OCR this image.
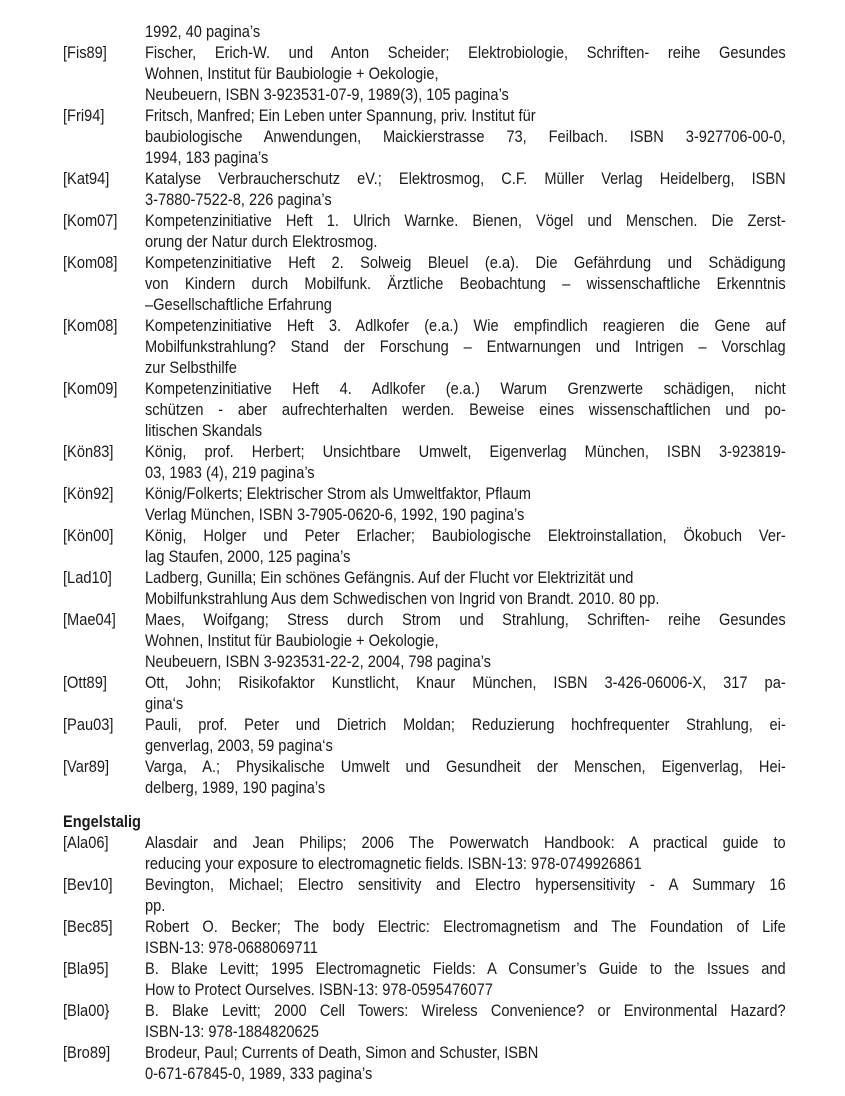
1992, 40 pagina’s
[Fis89] Fischer, Erich-W. und Anton Scheider; Elektrobiologie, Schriften- reihe Gesundes
Wohnen, Institut für Baubiologie + Oekologie,
Neubeuern, ISBN 3-923531-07-9, 1989(3), 105 pagina’s
[Fri94] Fritsch, Manfred; Ein Leben unter Spannung, priv. Institut für
baubiologische Anwendungen, Maickierstrasse 73, Feilbach. ISBN 3-927706-00-0,
1994, 183 pagina’s
[Kat94] Katalyse Verbraucherschutz eV.; Elektrosmog, C.F. Müller Verlag Heidelberg, ISBN
3-7880-7522-8, 226 pagina’s
[Kom07] Kompetenzinitiative Heft 1. Ulrich Warnke. Bienen, Vögel und Menschen. Die Zerst-
orung der Natur durch Elektrosmog.
[Kom08] Kompetenzinitiative Heft 2. Solweig Bleuel (e.a). Die Gefährdung und Schädigung
von Kindern durch Mobilfunk. Ärztliche Beobachtung – wissenschaftliche Erkenntnis
–Gesellschaftliche Erfahrung
[Kom08] Kompetenzinitiative Heft 3. Adlkofer (e.a.) Wie empfindlich reagieren die Gene auf
Mobilfunkstrahlung? Stand der Forschung – Entwarnungen und Intrigen – Vorschlag
zur Selbsthilfe
[Kom09] Kompetenzinitiative Heft 4. Adlkofer (e.a.) Warum Grenzwerte schädigen, nicht
schützen - aber aufrechterhalten werden. Beweise eines wissenschaftlichen und po-
litischen Skandals
[Kön83] König, prof. Herbert; Unsichtbare Umwelt, Eigenverlag München, ISBN 3-923819-
03, 1983 (4), 219 pagina’s
[Kön92] König/Folkerts; Elektrischer Strom als Umweltfaktor, Pflaum
Verlag München, ISBN 3-7905-0620-6, 1992, 190 pagina’s
[Kön00] König, Holger und Peter Erlacher; Baubiologische Elektroinstallation, Ökobuch Ver-
lag Staufen, 2000, 125 pagina’s
[Lad10] Ladberg, Gunilla; Ein schönes Gefängnis. Auf der Flucht vor Elektrizität und
Mobilfunkstrahlung Aus dem Schwedischen von Ingrid von Brandt. 2010. 80 pp.
[Mae04] Maes, Woifgang; Stress durch Strom und Strahlung, Schriften- reihe Gesundes
Wohnen, Institut für Baubiologie + Oekologie,
Neubeuern, ISBN 3-923531-22-2, 2004, 798 pagina’s
[Ott89] Ott, John; Risikofaktor Kunstlicht, Knaur München, ISBN 3-426-06006-X, 317 pa-
gina‘s
[Pau03] Pauli, prof. Peter und Dietrich Moldan; Reduzierung hochfrequenter Strahlung, ei-
genverlag, 2003, 59 pagina‘s
[Var89] Varga, A.; Physikalische Umwelt und Gesundheit der Menschen, Eigenverlag, Hei-
delberg, 1989, 190 pagina’s
Engelstalig
[Ala06] Alasdair and Jean Philips; 2006 The Powerwatch Handbook: A practical guide to
reducing your exposure to electromagnetic fields. ISBN-13: 978-0749926861
[Bev10] Bevington, Michael; Electro sensitivity and Electro hypersensitivity - A Summary 16
pp.
[Bec85] Robert O. Becker; The body Electric: Electromagnetism and The Foundation of Life
ISBN-13: 978-0688069711
[Bla95] B. Blake Levitt; 1995 Electromagnetic Fields: A Consumer’s Guide to the Issues and
How to Protect Ourselves. ISBN-13: 978-0595476077
[Bla00} B. Blake Levitt; 2000 Cell Towers: Wireless Convenience? or Environmental Hazard?
ISBN-13: 978-1884820625
[Bro89] Brodeur, Paul; Currents of Death, Simon and Schuster, ISBN
0-671-67845-0, 1989, 333 pagina’s
